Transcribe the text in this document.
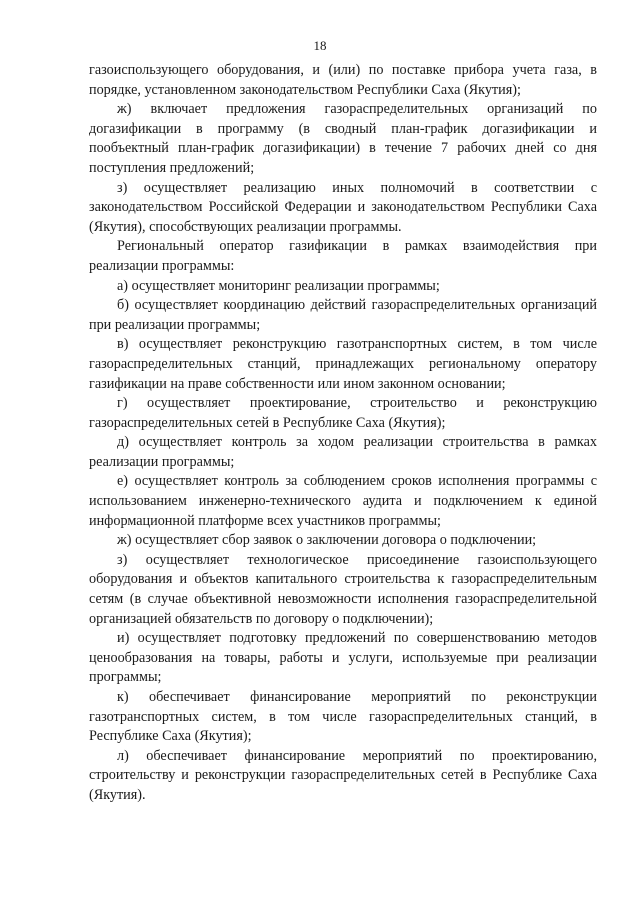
18

газоиспользующего оборудования, и (или) по поставке прибора учета газа, в порядке, установленном законодательством Республики Саха (Якутия);

ж) включает предложения газораспределительных организаций по догазификации в программу (в сводный план-график догазификации и пообъектный план-график догазификации) в течение 7 рабочих дней со дня поступления предложений;

з) осуществляет реализацию иных полномочий в соответствии с законодательством Российской Федерации и законодательством Республики Саха (Якутия), способствующих реализации программы.

Региональный оператор газификации в рамках взаимодействия при реализации программы:

а) осуществляет мониторинг реализации программы;

б) осуществляет координацию действий газораспределительных организаций при реализации программы;

в) осуществляет реконструкцию газотранспортных систем, в том числе газораспределительных станций, принадлежащих региональному оператору газификации на праве собственности или ином законном основании;

г) осуществляет проектирование, строительство и реконструкцию газораспределительных сетей в Республике Саха (Якутия);

д) осуществляет контроль за ходом реализации строительства в рамках реализации программы;

е) осуществляет контроль за соблюдением сроков исполнения программы с использованием инженерно-технического аудита и подключением к единой информационной платформе всех участников программы;

ж) осуществляет сбор заявок о заключении договора о подключении;

з) осуществляет технологическое присоединение газоиспользующего оборудования и объектов капитального строительства к газораспределительным сетям (в случае объективной невозможности исполнения газораспределительной организацией обязательств по договору о подключении);

и) осуществляет подготовку предложений по совершенствованию методов ценообразования на товары, работы и услуги, используемые при реализации программы;

к) обеспечивает финансирование мероприятий по реконструкции газотранспортных систем, в том числе газораспределительных станций, в Республике Саха (Якутия);

л) обеспечивает финансирование мероприятий по проектированию, строительству и реконструкции газораспределительных сетей в Республике Саха (Якутия).
